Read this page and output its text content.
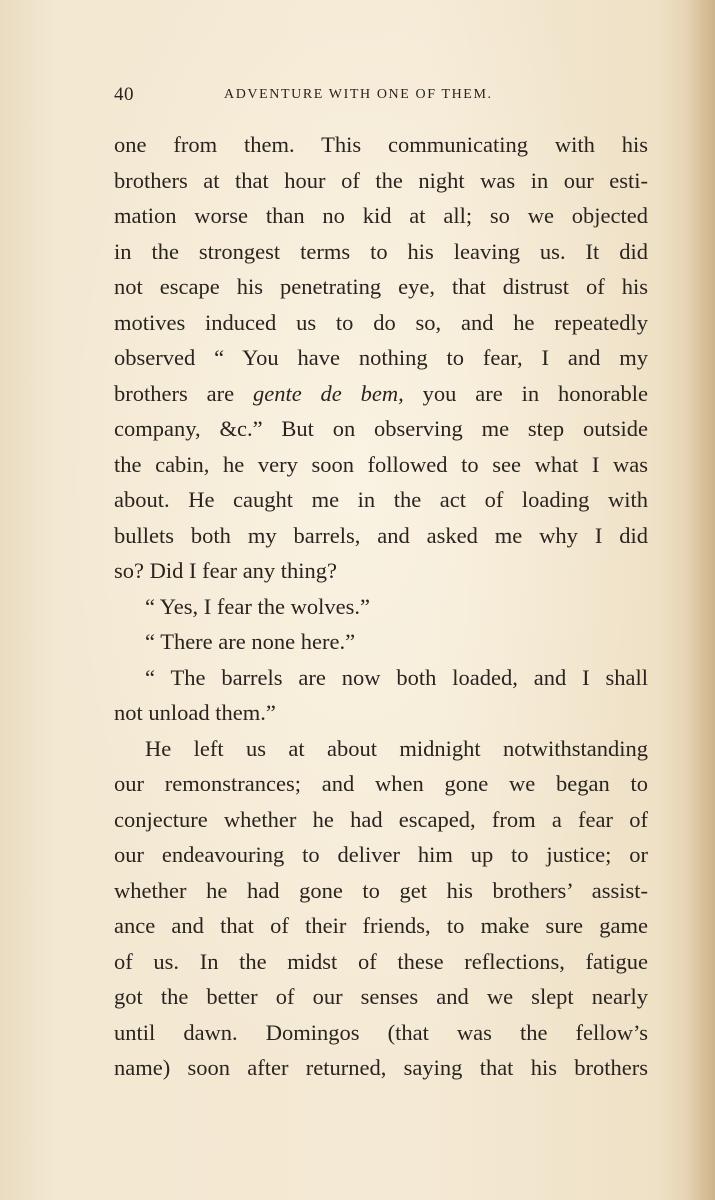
40	ADVENTURE WITH ONE OF THEM.
one from them. This communicating with his
brothers at that hour of the night was in our esti-
mation worse than no kid at all; so we objected
in the strongest terms to his leaving us. It did
not escape his penetrating eye, that distrust of his
motives induced us to do so, and he repeatedly
observed “ You have nothing to fear, I and my
brothers are gente de bem, you are in honorable
company, &c.” But on observing me step outside
the cabin, he very soon followed to see what I was
about. He caught me in the act of loading with
bullets both my barrels, and asked me why I did
so? Did I fear any thing?
“ Yes, I fear the wolves.”
“ There are none here.”
“ The barrels are now both loaded, and I shall
not unload them.”
He left us at about midnight notwithstanding
our remonstrances; and when gone we began to
conjecture whether he had escaped, from a fear of
our endeavouring to deliver him up to justice; or
whether he had gone to get his brothers’ assist-
ance and that of their friends, to make sure game
of us. In the midst of these reflections, fatigue
got the better of our senses and we slept nearly
until dawn. Domingos (that was the fellow’s
name) soon after returned, saying that his brothers
